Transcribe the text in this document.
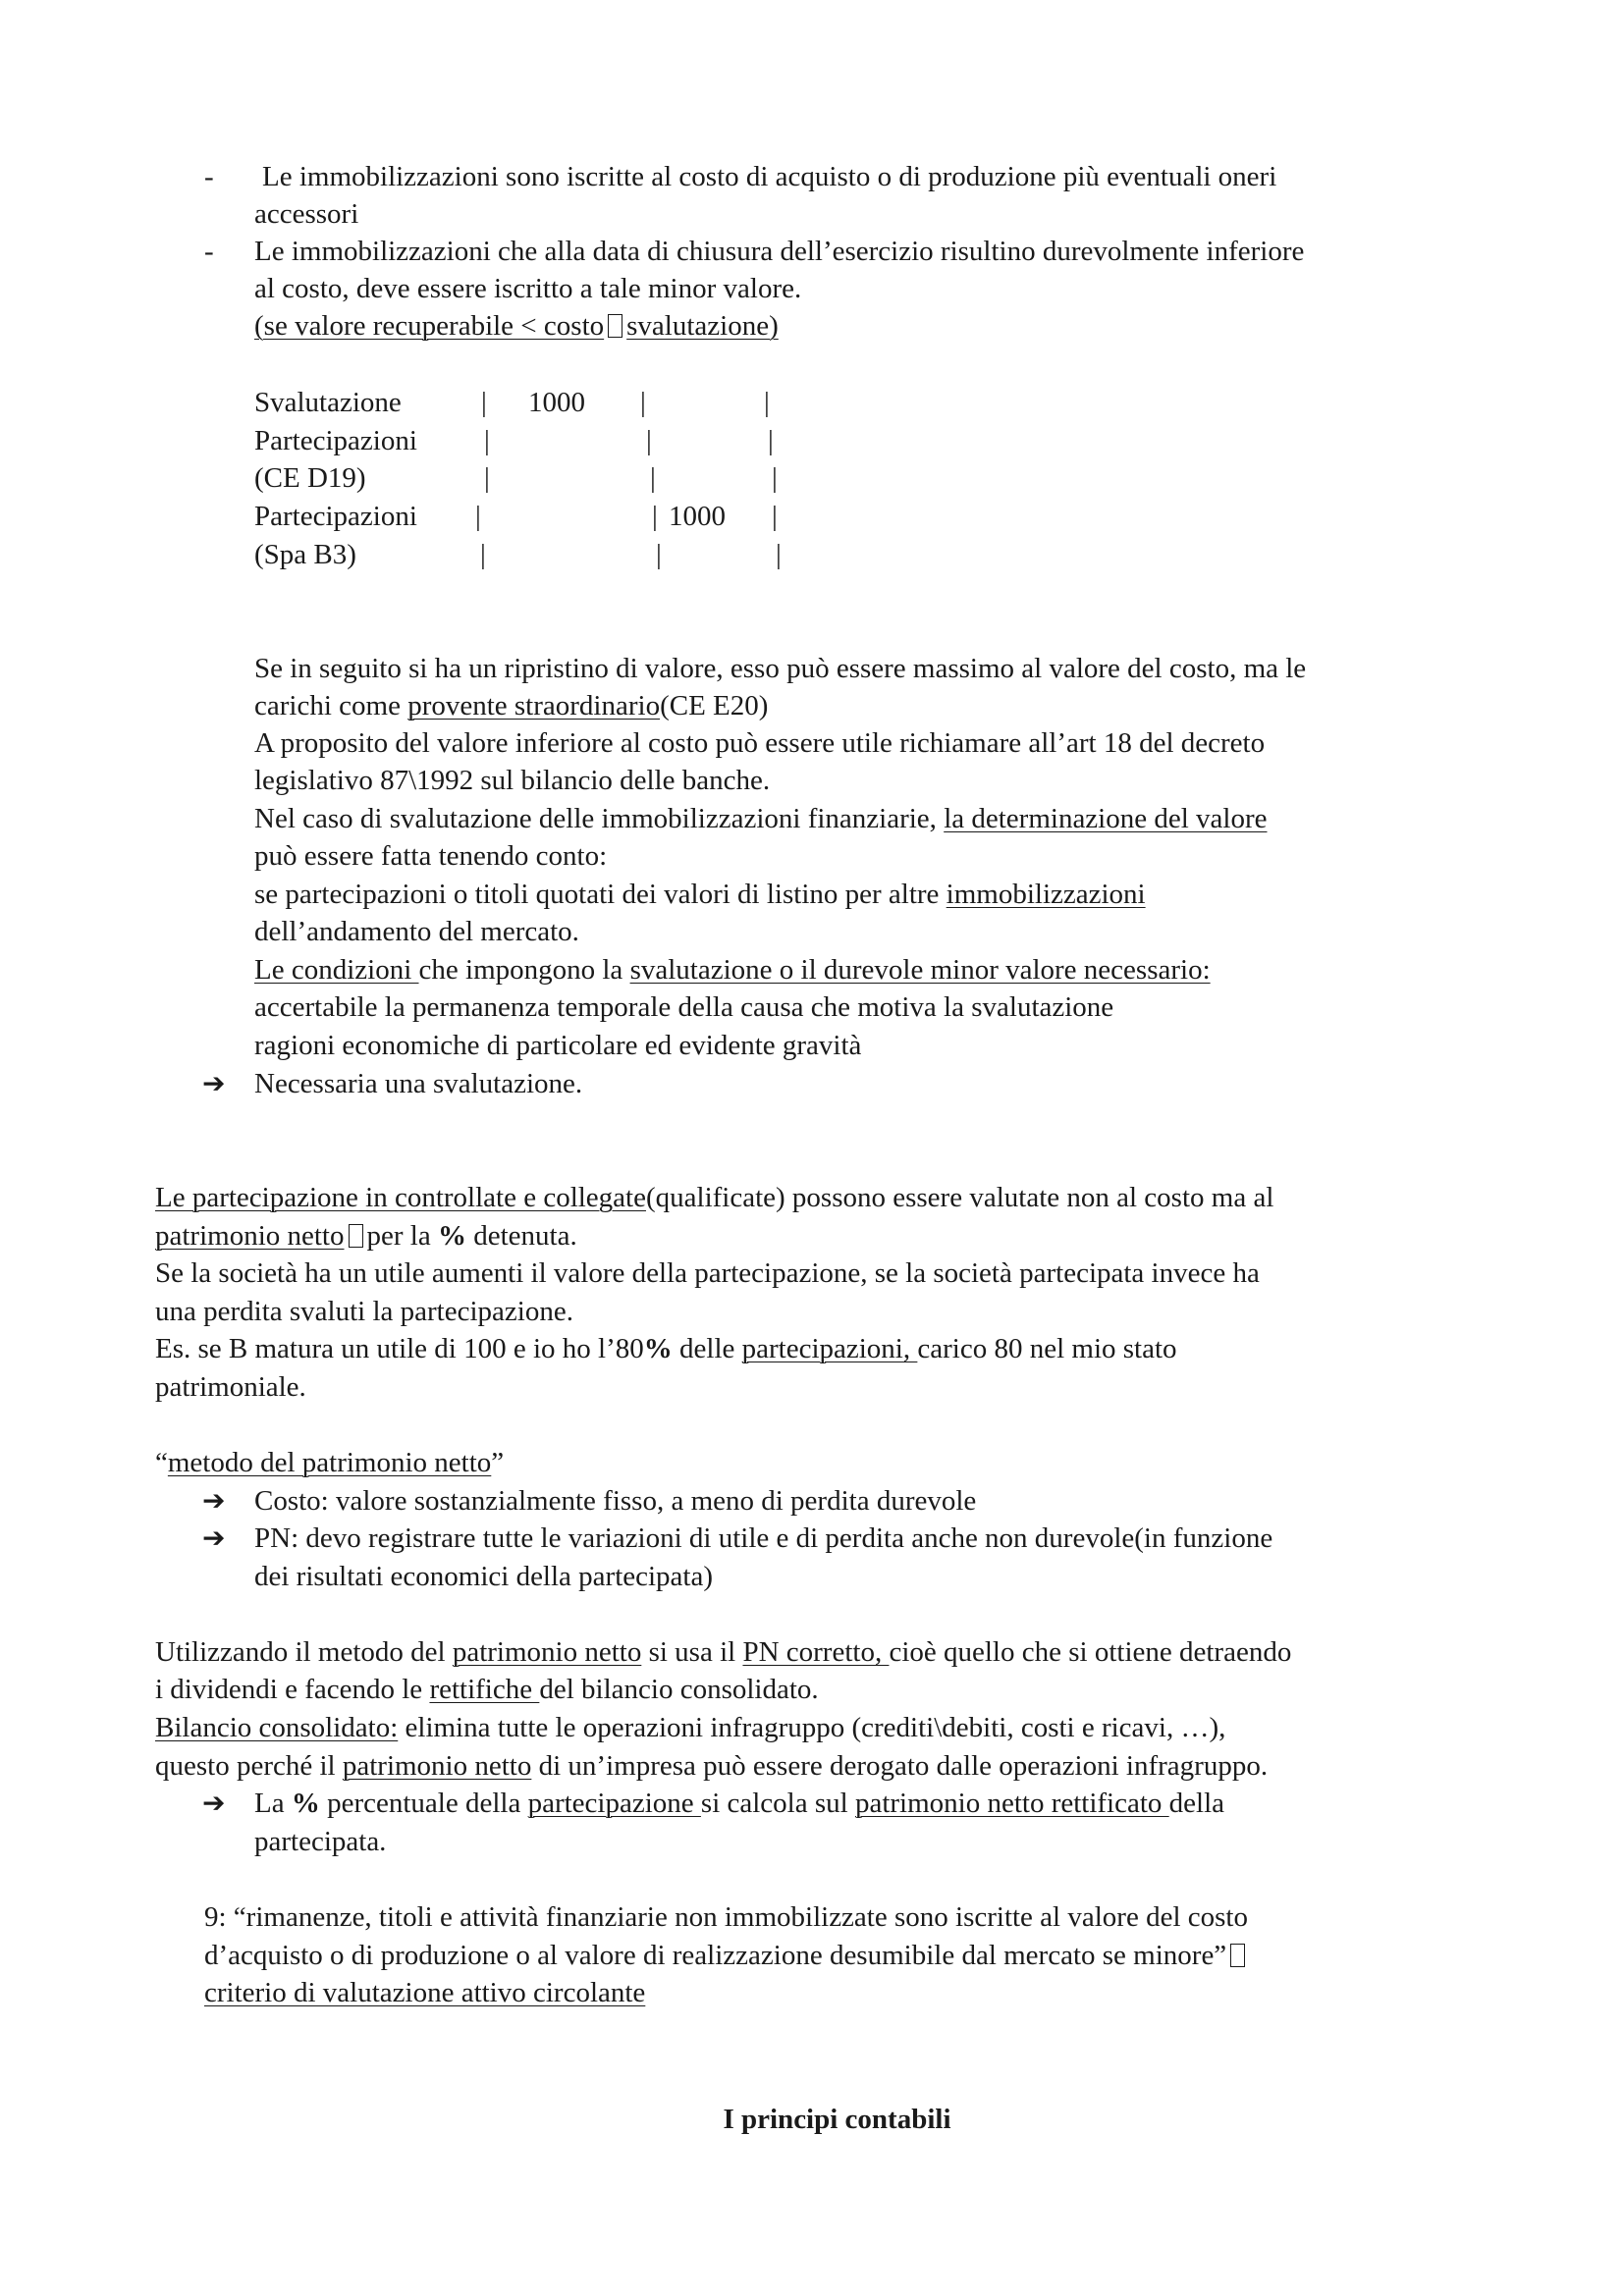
- Le immobilizzazioni sono iscritte al costo di acquisto o di produzione più eventuali oneri
accessori
- Le immobilizzazioni che alla data di chiusura dell’esercizio risultino durevolmente inferiore
al costo, deve essere iscritto a tale minor valore.
(se valore recuperabile < costo svalutazione)
Svalutazione	| 1000 |	|
Partecipazioni |	|	|
(CE D19)	|	|	|
Partecipazioni |	| 1000 |
(Spa B3)	|	|	|
Se in seguito si ha un ripristino di valore, esso può essere massimo al valore del costo, ma le
carichi come provente straordinario(CE E20)
A proposito del valore inferiore al costo può essere utile richiamare all’art 18 del decreto
legislativo 87\1992 sul bilancio delle banche.
Nel caso di svalutazione delle immobilizzazioni finanziarie, la determinazione del valore
può essere fatta tenendo conto:
se partecipazioni o titoli quotati dei valori di listino per altre immobilizzazioni
dell’andamento del mercato.
Le condizioni che impongono la svalutazione o il durevole minor valore necessario:
accertabile la permanenza temporale della causa che motiva la svalutazione
ragioni economiche di particolare ed evidente gravità
➔ Necessaria una svalutazione.
Le partecipazione in controllate e collegate(qualificate) possono essere valutate non al costo ma al
patrimonio netto per la % detenuta.
Se la società ha un utile aumenti il valore della partecipazione, se la società partecipata invece ha
una perdita svaluti la partecipazione.
Es. se B matura un utile di 100 e io ho l’80% delle partecipazioni, carico 80 nel mio stato
patrimoniale.
“metodo del patrimonio netto”
➔ Costo: valore sostanzialmente fisso, a meno di perdita durevole
➔ PN: devo registrare tutte le variazioni di utile e di perdita anche non durevole(in funzione
dei risultati economici della partecipata)
Utilizzando il metodo del patrimonio netto si usa il PN corretto, cioè quello che si ottiene detraendo
i dividendi e facendo le rettifiche del bilancio consolidato.
Bilancio consolidato: elimina tutte le operazioni infragruppo (crediti\debiti, costi e ricavi, …),
questo perché il patrimonio netto di un’impresa può essere derogato dalle operazioni infragruppo.
➔ La % percentuale della partecipazione si calcola sul patrimonio netto rettificato della
partecipata.
9: “rimanenze, titoli e attività finanziarie non immobilizzate sono iscritte al valore del costo
d’acquisto o di produzione o al valore di realizzazione desumibile dal mercato se minore”
criterio di valutazione attivo circolante
I principi contabili
